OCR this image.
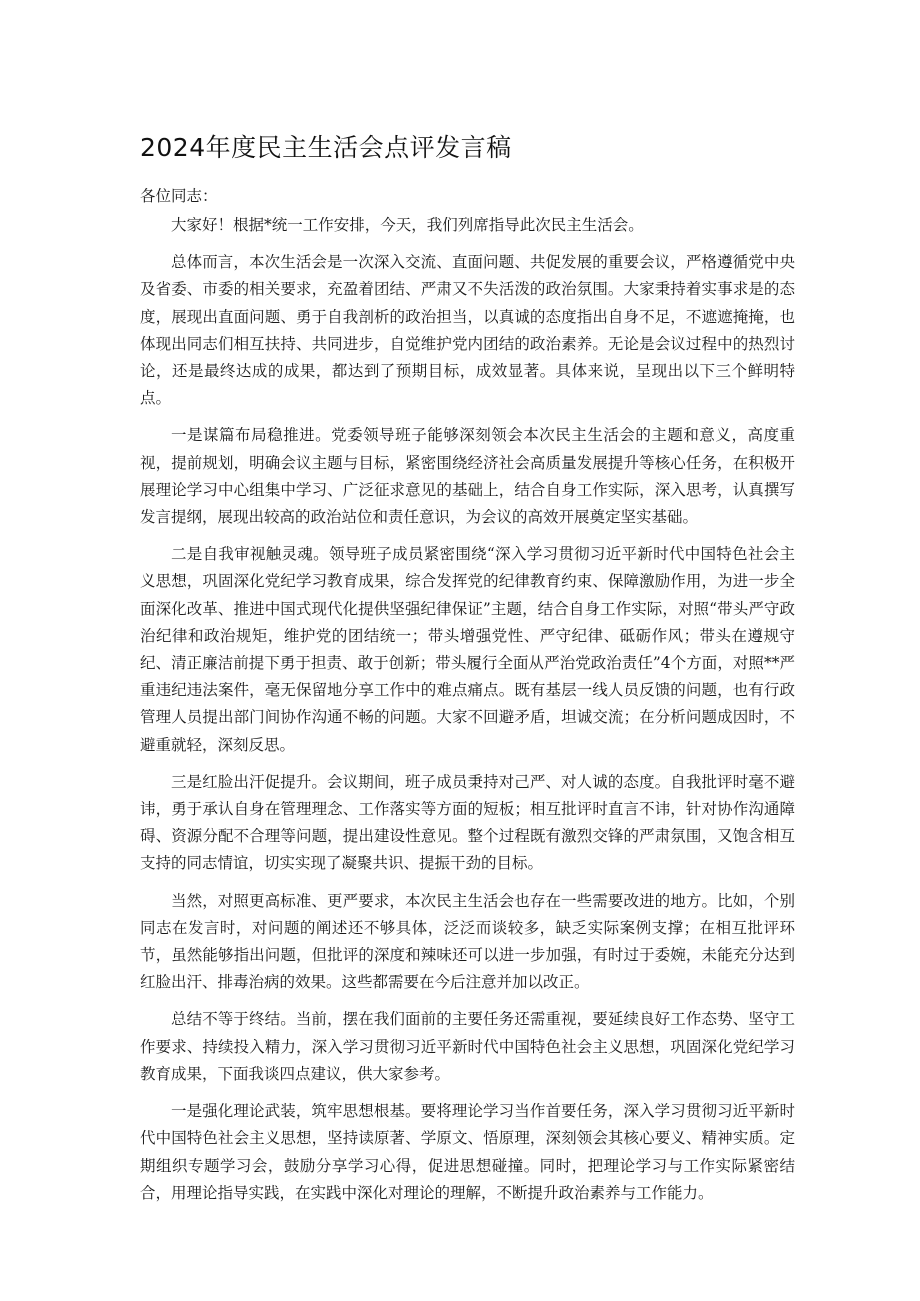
2024年度民主生活会点评发言稿

各位同志：

大家好！根据*统一工作安排，今天，我们列席指导此次民主生活会。

总体而言，本次生活会是一次深入交流、直面问题、共促发展的重要会议，严格遵循党中央及省委、市委的相关要求，充盈着团结、严肃又不失活泼的政治氛围。大家秉持着实事求是的态度，展现出直面问题、勇于自我剖析的政治担当，以真诚的态度指出自身不足，不遮遮掩掩，也体现出同志们相互扶持、共同进步，自觉维护党内团结的政治素养。无论是会议过程中的热烈讨论，还是最终达成的成果，都达到了预期目标，成效显著。具体来说，呈现出以下三个鲜明特点。

一是谋篇布局稳推进。党委领导班子能够深刻领会本次民主生活会的主题和意义，高度重视，提前规划，明确会议主题与目标，紧密围绕经济社会高质量发展提升等核心任务，在积极开展理论学习中心组集中学习、广泛征求意见的基础上，结合自身工作实际，深入思考，认真撰写发言提纲，展现出较高的政治站位和责任意识，为会议的高效开展奠定坚实基础。

二是自我审视触灵魂。领导班子成员紧密围绕“深入学习贯彻习近平新时代中国特色社会主义思想，巩固深化党纪学习教育成果，综合发挥党的纪律教育约束、保障激励作用，为进一步全面深化改革、推进中国式现代化提供坚强纪律保证”主题，结合自身工作实际，对照“带头严守政治纪律和政治规矩，维护党的团结统一；带头增强党性、严守纪律、砥砺作风；带头在遵规守纪、清正廉洁前提下勇于担责、敢于创新；带头履行全面从严治党政治责任”4个方面，对照**严重违纪违法案件，毫无保留地分享工作中的难点痛点。既有基层一线人员反馈的问题，也有行政管理人员提出部门间协作沟通不畅的问题。大家不回避矛盾，坦诚交流；在分析问题成因时，不避重就轻，深刻反思。

三是红脸出汗促提升。会议期间，班子成员秉持对己严、对人诚的态度。自我批评时毫不避讳，勇于承认自身在管理理念、工作落实等方面的短板；相互批评时直言不讳，针对协作沟通障碍、资源分配不合理等问题，提出建设性意见。整个过程既有激烈交锋的严肃氛围，又饱含相互支持的同志情谊，切实实现了凝聚共识、提振干劲的目标。

当然，对照更高标准、更严要求，本次民主生活会也存在一些需要改进的地方。比如，个别同志在发言时，对问题的阐述还不够具体，泛泛而谈较多，缺乏实际案例支撑；在相互批评环节，虽然能够指出问题，但批评的深度和辣味还可以进一步加强，有时过于委婉，未能充分达到红脸出汗、排毒治病的效果。这些都需要在今后注意并加以改正。

总结不等于终结。当前，摆在我们面前的主要任务还需重视，要延续良好工作态势、坚守工作要求、持续投入精力，深入学习贯彻习近平新时代中国特色社会主义思想，巩固深化党纪学习教育成果，下面我谈四点建议，供大家参考。

一是强化理论武装，筑牢思想根基。要将理论学习当作首要任务，深入学习贯彻习近平新时代中国特色社会主义思想，坚持读原著、学原文、悟原理，深刻领会其核心要义、精神实质。定期组织专题学习会，鼓励分享学习心得，促进思想碰撞。同时，把理论学习与工作实际紧密结合，用理论指导实践，在实践中深化对理论的理解，不断提升政治素养与工作能力。
